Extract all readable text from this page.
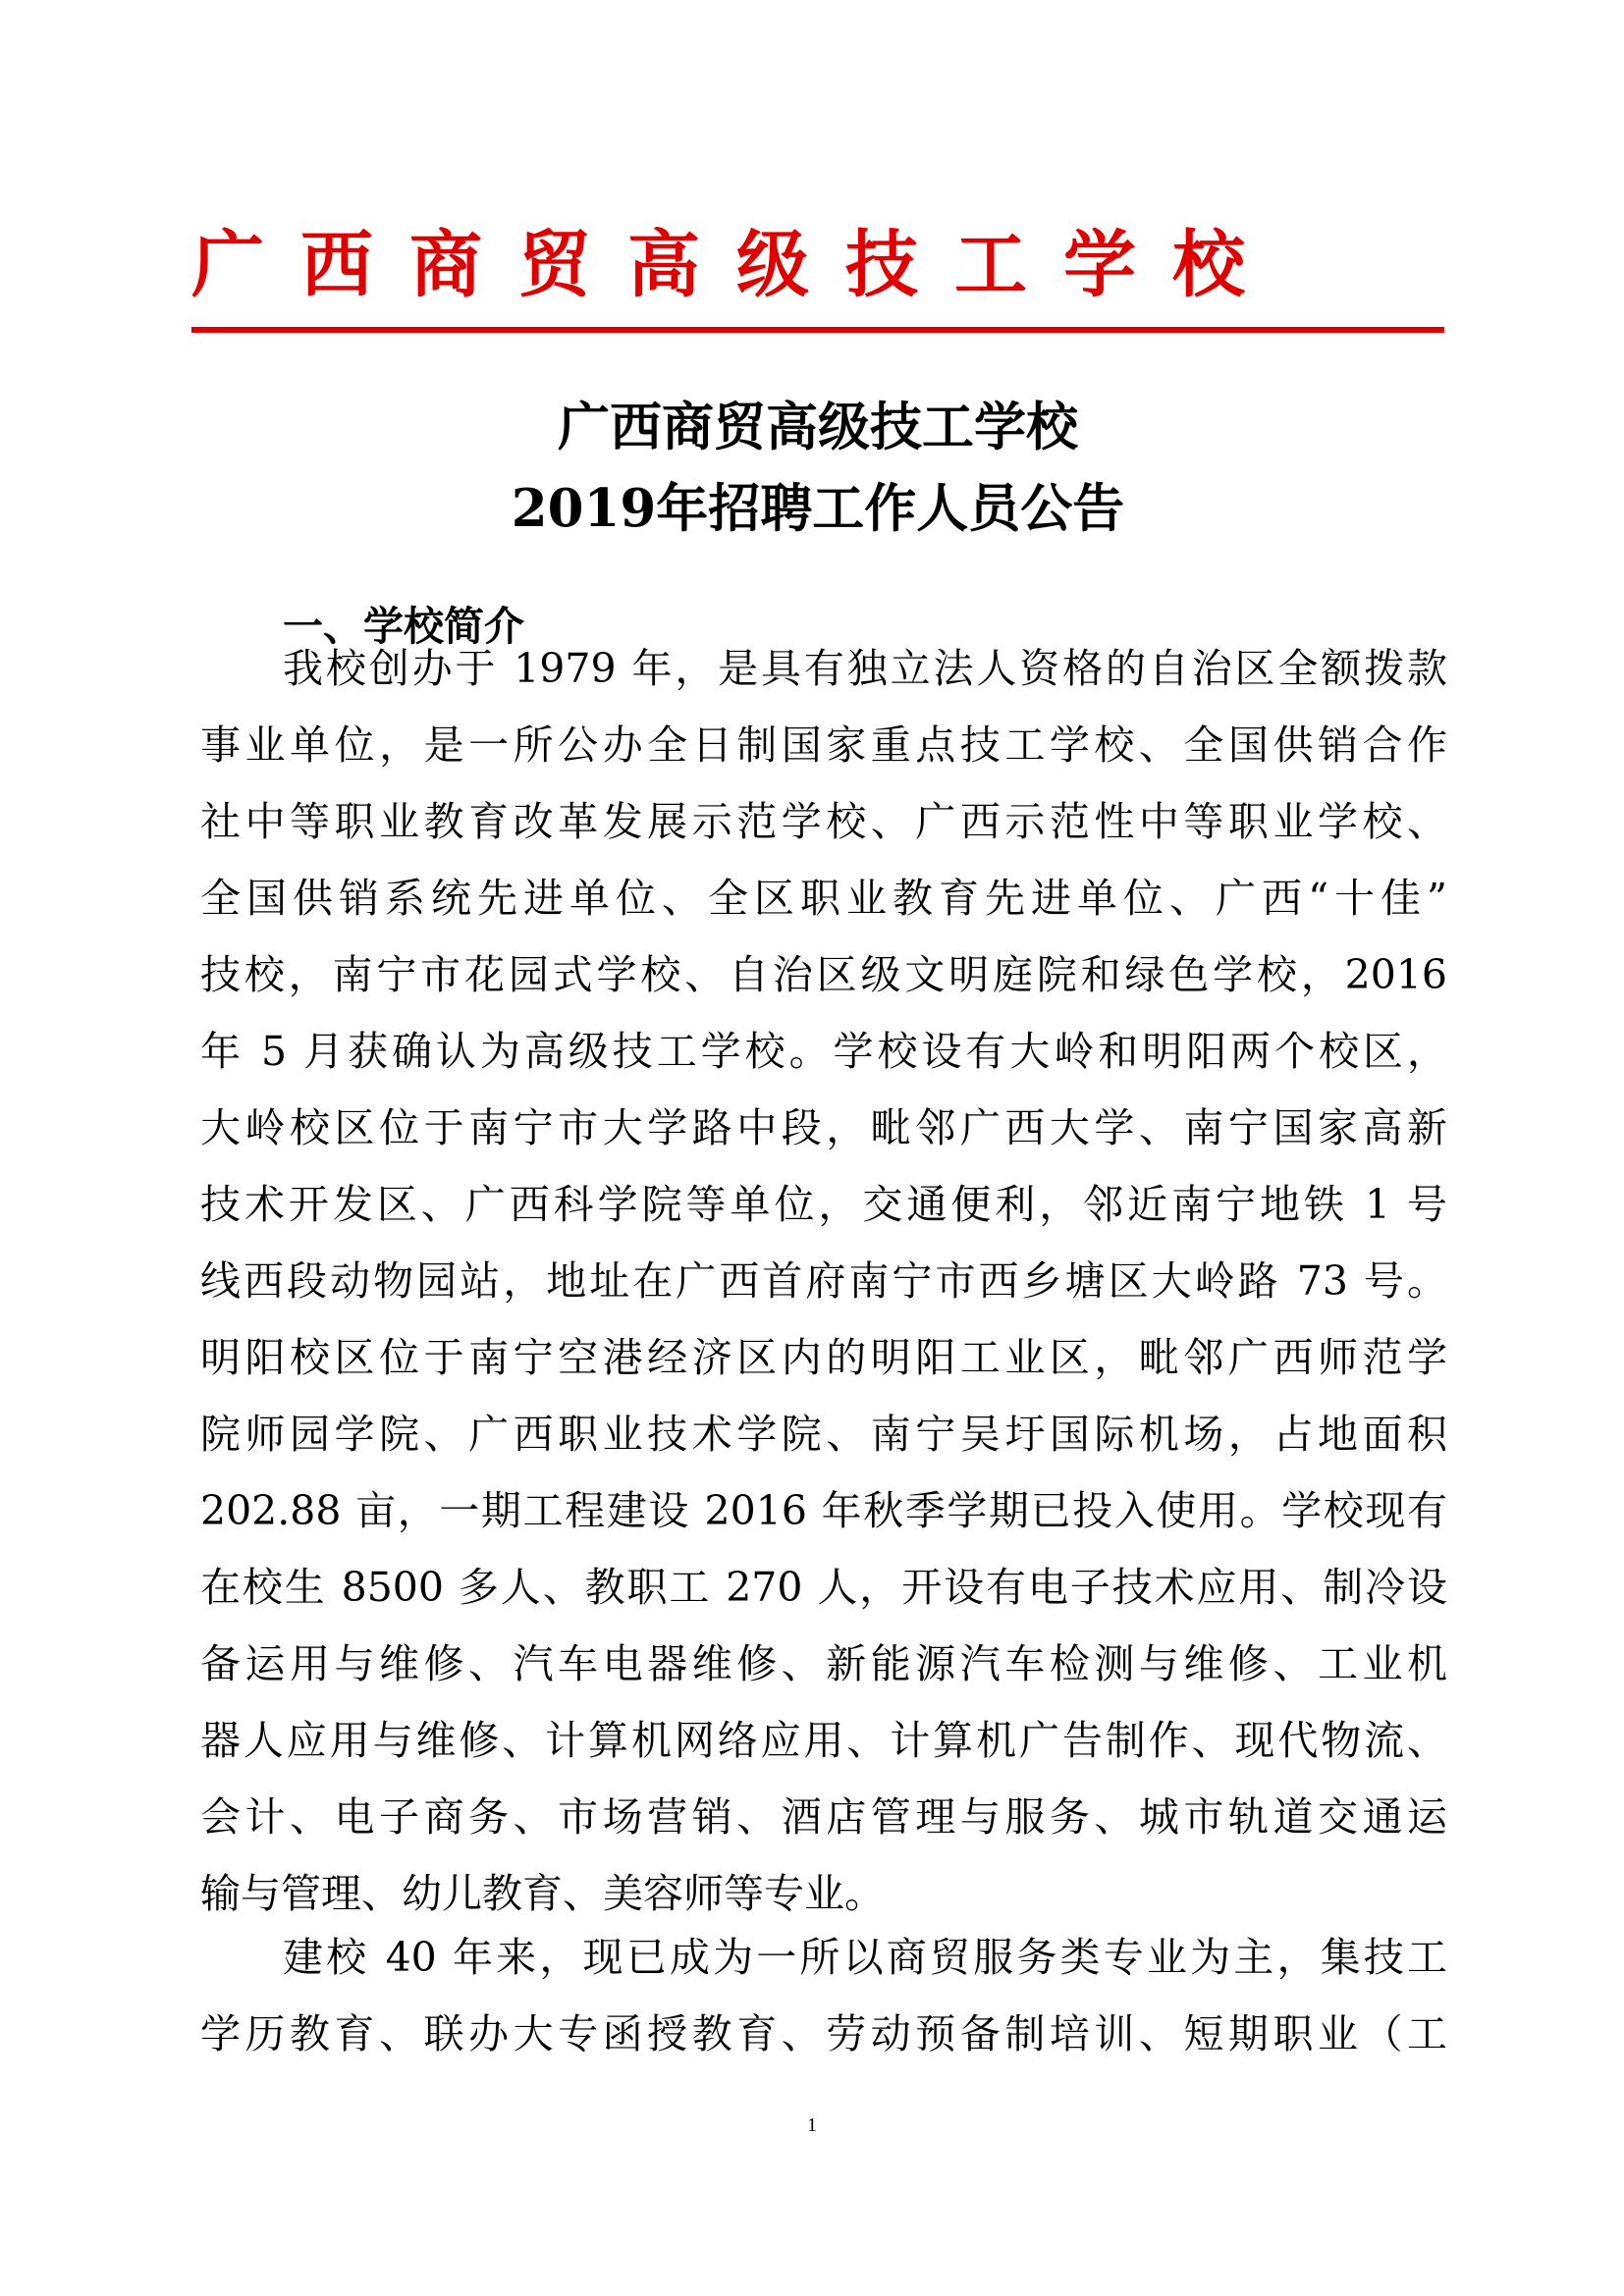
广西商贸高级技工学校
广西商贸高级技工学校
2019年招聘工作人员公告
一、学校简介
我校创办于 1979 年，是具有独立法人资格的自治区全额拨款
事业单位，是一所公办全日制国家重点技工学校、全国供销合作
社中等职业教育改革发展示范学校、广西示范性中等职业学校、
全国供销系统先进单位、全区职业教育先进单位、广西“十佳”
技校，南宁市花园式学校、自治区级文明庭院和绿色学校，2016
年 5 月获确认为高级技工学校。学校设有大岭和明阳两个校区，
大岭校区位于南宁市大学路中段，毗邻广西大学、南宁国家高新
技术开发区、广西科学院等单位，交通便利，邻近南宁地铁 1 号
线西段动物园站，地址在广西首府南宁市西乡塘区大岭路 73 号。
明阳校区位于南宁空港经济区内的明阳工业区，毗邻广西师范学
院师园学院、广西职业技术学院、南宁吴圩国际机场，占地面积
202.88 亩，一期工程建设 2016 年秋季学期已投入使用。学校现有
在校生 8500 多人、教职工 270 人，开设有电子技术应用、制冷设
备运用与维修、汽车电器维修、新能源汽车检测与维修、工业机
器人应用与维修、计算机网络应用、计算机广告制作、现代物流、
会计、电子商务、市场营销、酒店管理与服务、城市轨道交通运
输与管理、幼儿教育、美容师等专业。
建校 40 年来，现已成为一所以商贸服务类专业为主，集技工
学历教育、联办大专函授教育、劳动预备制培训、短期职业（工
1
